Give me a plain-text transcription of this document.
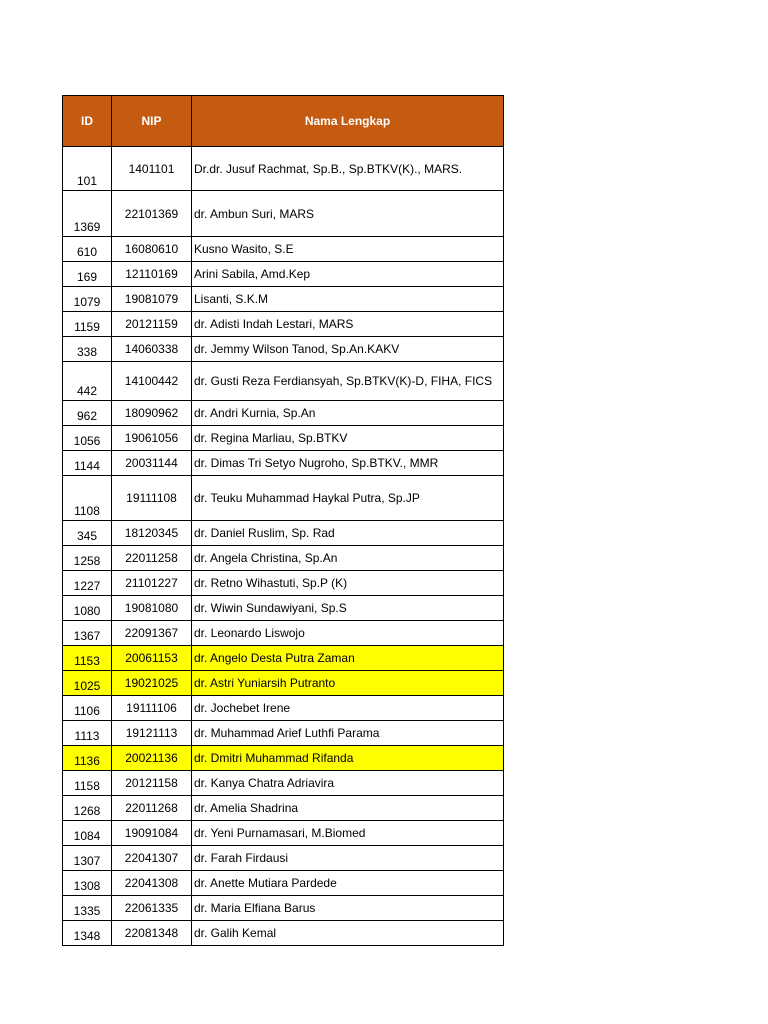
ID	NIP	Nama Lengkap
101	1401101	Dr.dr. Jusuf Rachmat, Sp.B., Sp.BTKV(K)., MARS.
1369	22101369	dr. Ambun Suri, MARS
610	16080610	Kusno Wasito, S.E
169	12110169	Arini Sabila, Amd.Kep
1079	19081079	Lisanti, S.K.M
1159	20121159	dr. Adisti Indah Lestari, MARS
338	14060338	dr. Jemmy Wilson Tanod, Sp.An.KAKV
442	14100442	dr. Gusti Reza Ferdiansyah, Sp.BTKV(K)-D, FIHA, FICS
962	18090962	dr. Andri Kurnia, Sp.An
1056	19061056	dr. Regina Marliau, Sp.BTKV
1144	20031144	dr. Dimas Tri Setyo Nugroho, Sp.BTKV., MMR
1108	19111108	dr. Teuku Muhammad Haykal Putra, Sp.JP
345	18120345	dr. Daniel Ruslim, Sp. Rad
1258	22011258	dr. Angela Christina, Sp.An
1227	21101227	dr. Retno Wihastuti, Sp.P (K)
1080	19081080	dr. Wiwin Sundawiyani, Sp.S
1367	22091367	dr. Leonardo Liswojo
1153	20061153	dr. Angelo Desta Putra Zaman
1025	19021025	dr. Astri Yuniarsih Putranto
1106	19111106	dr. Jochebet Irene
1113	19121113	dr. Muhammad Arief Luthfi Parama
1136	20021136	dr. Dmitri Muhammad Rifanda
1158	20121158	dr. Kanya Chatra Adriavira
1268	22011268	dr. Amelia Shadrina
1084	19091084	dr. Yeni Purnamasari, M.Biomed
1307	22041307	dr. Farah Firdausi
1308	22041308	dr. Anette Mutiara Pardede
1335	22061335	dr. Maria Elfiana Barus
1348	22081348	dr. Galih Kemal
